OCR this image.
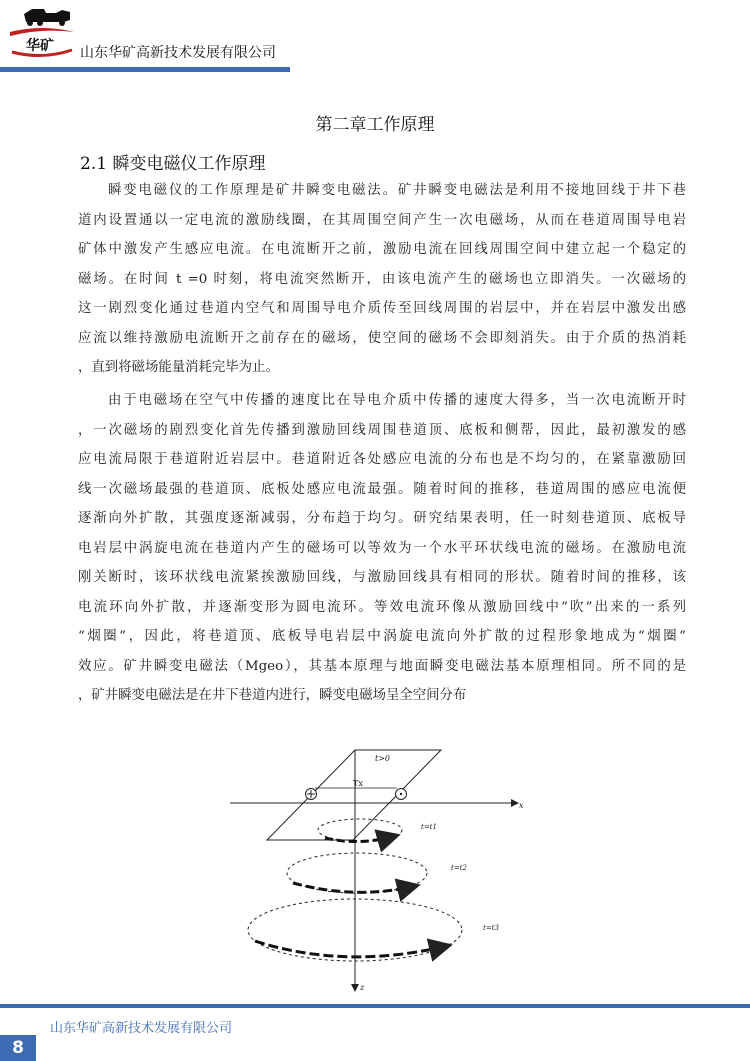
华矿 山东华矿高新技术发展有限公司
第二章工作原理
2.1 瞬变电磁仪工作原理
瞬变电磁仪的工作原理是矿井瞬变电磁法。矿井瞬变电磁法是利用不接地回线于井下巷
道内设置通以一定电流的激励线圈，在其周围空间产生一次电磁场，从而在巷道周围导电岩
矿体中激发产生感应电流。在电流断开之前，激励电流在回线周围空间中建立起一个稳定的
磁场。在时间 t =0 时刻，将电流突然断开，由该电流产生的磁场也立即消失。一次磁场的
这一剧烈变化通过巷道内空气和周围导电介质传至回线周围的岩层中，并在岩层中激发出感
应流以维持激励电流断开之前存在的磁场，使空间的磁场不会即刻消失。由于介质的热消耗
，直到将磁场能量消耗完毕为止。
由于电磁场在空气中传播的速度比在导电介质中传播的速度大得多，当一次电流断开时
，一次磁场的剧烈变化首先传播到激励回线周围巷道顶、底板和侧帮，因此，最初激发的感
应电流局限于巷道附近岩层中。巷道附近各处感应电流的分布也是不均匀的，在紧靠激励回
线一次磁场最强的巷道顶、底板处感应电流最强。随着时间的推移，巷道周围的感应电流便
逐渐向外扩散，其强度逐渐减弱，分布趋于均匀。研究结果表明，任一时刻巷道顶、底板导
电岩层中涡旋电流在巷道内产生的磁场可以等效为一个水平环状线电流的磁场。在激励电流
刚关断时，该环状线电流紧挨激励回线，与激励回线具有相同的形状。随着时间的推移，该
电流环向外扩散，并逐渐变形为圆电流环。等效电流环像从激励回线中“吹”出来的一系列
“烟圈”，因此，将巷道顶、底板导电岩层中涡旋电流向外扩散的过程形象地成为“烟圈”
效应。矿井瞬变电磁法（Mgeo），其基本原理与地面瞬变电磁法基本原理相同。所不同的是
，矿井瞬变电磁法是在井下巷道内进行，瞬变电磁场呈全空间分布
x
z
t>0
Tx
t=t1
t=t2
t=t3
山东华矿高新技术发展有限公司
8
